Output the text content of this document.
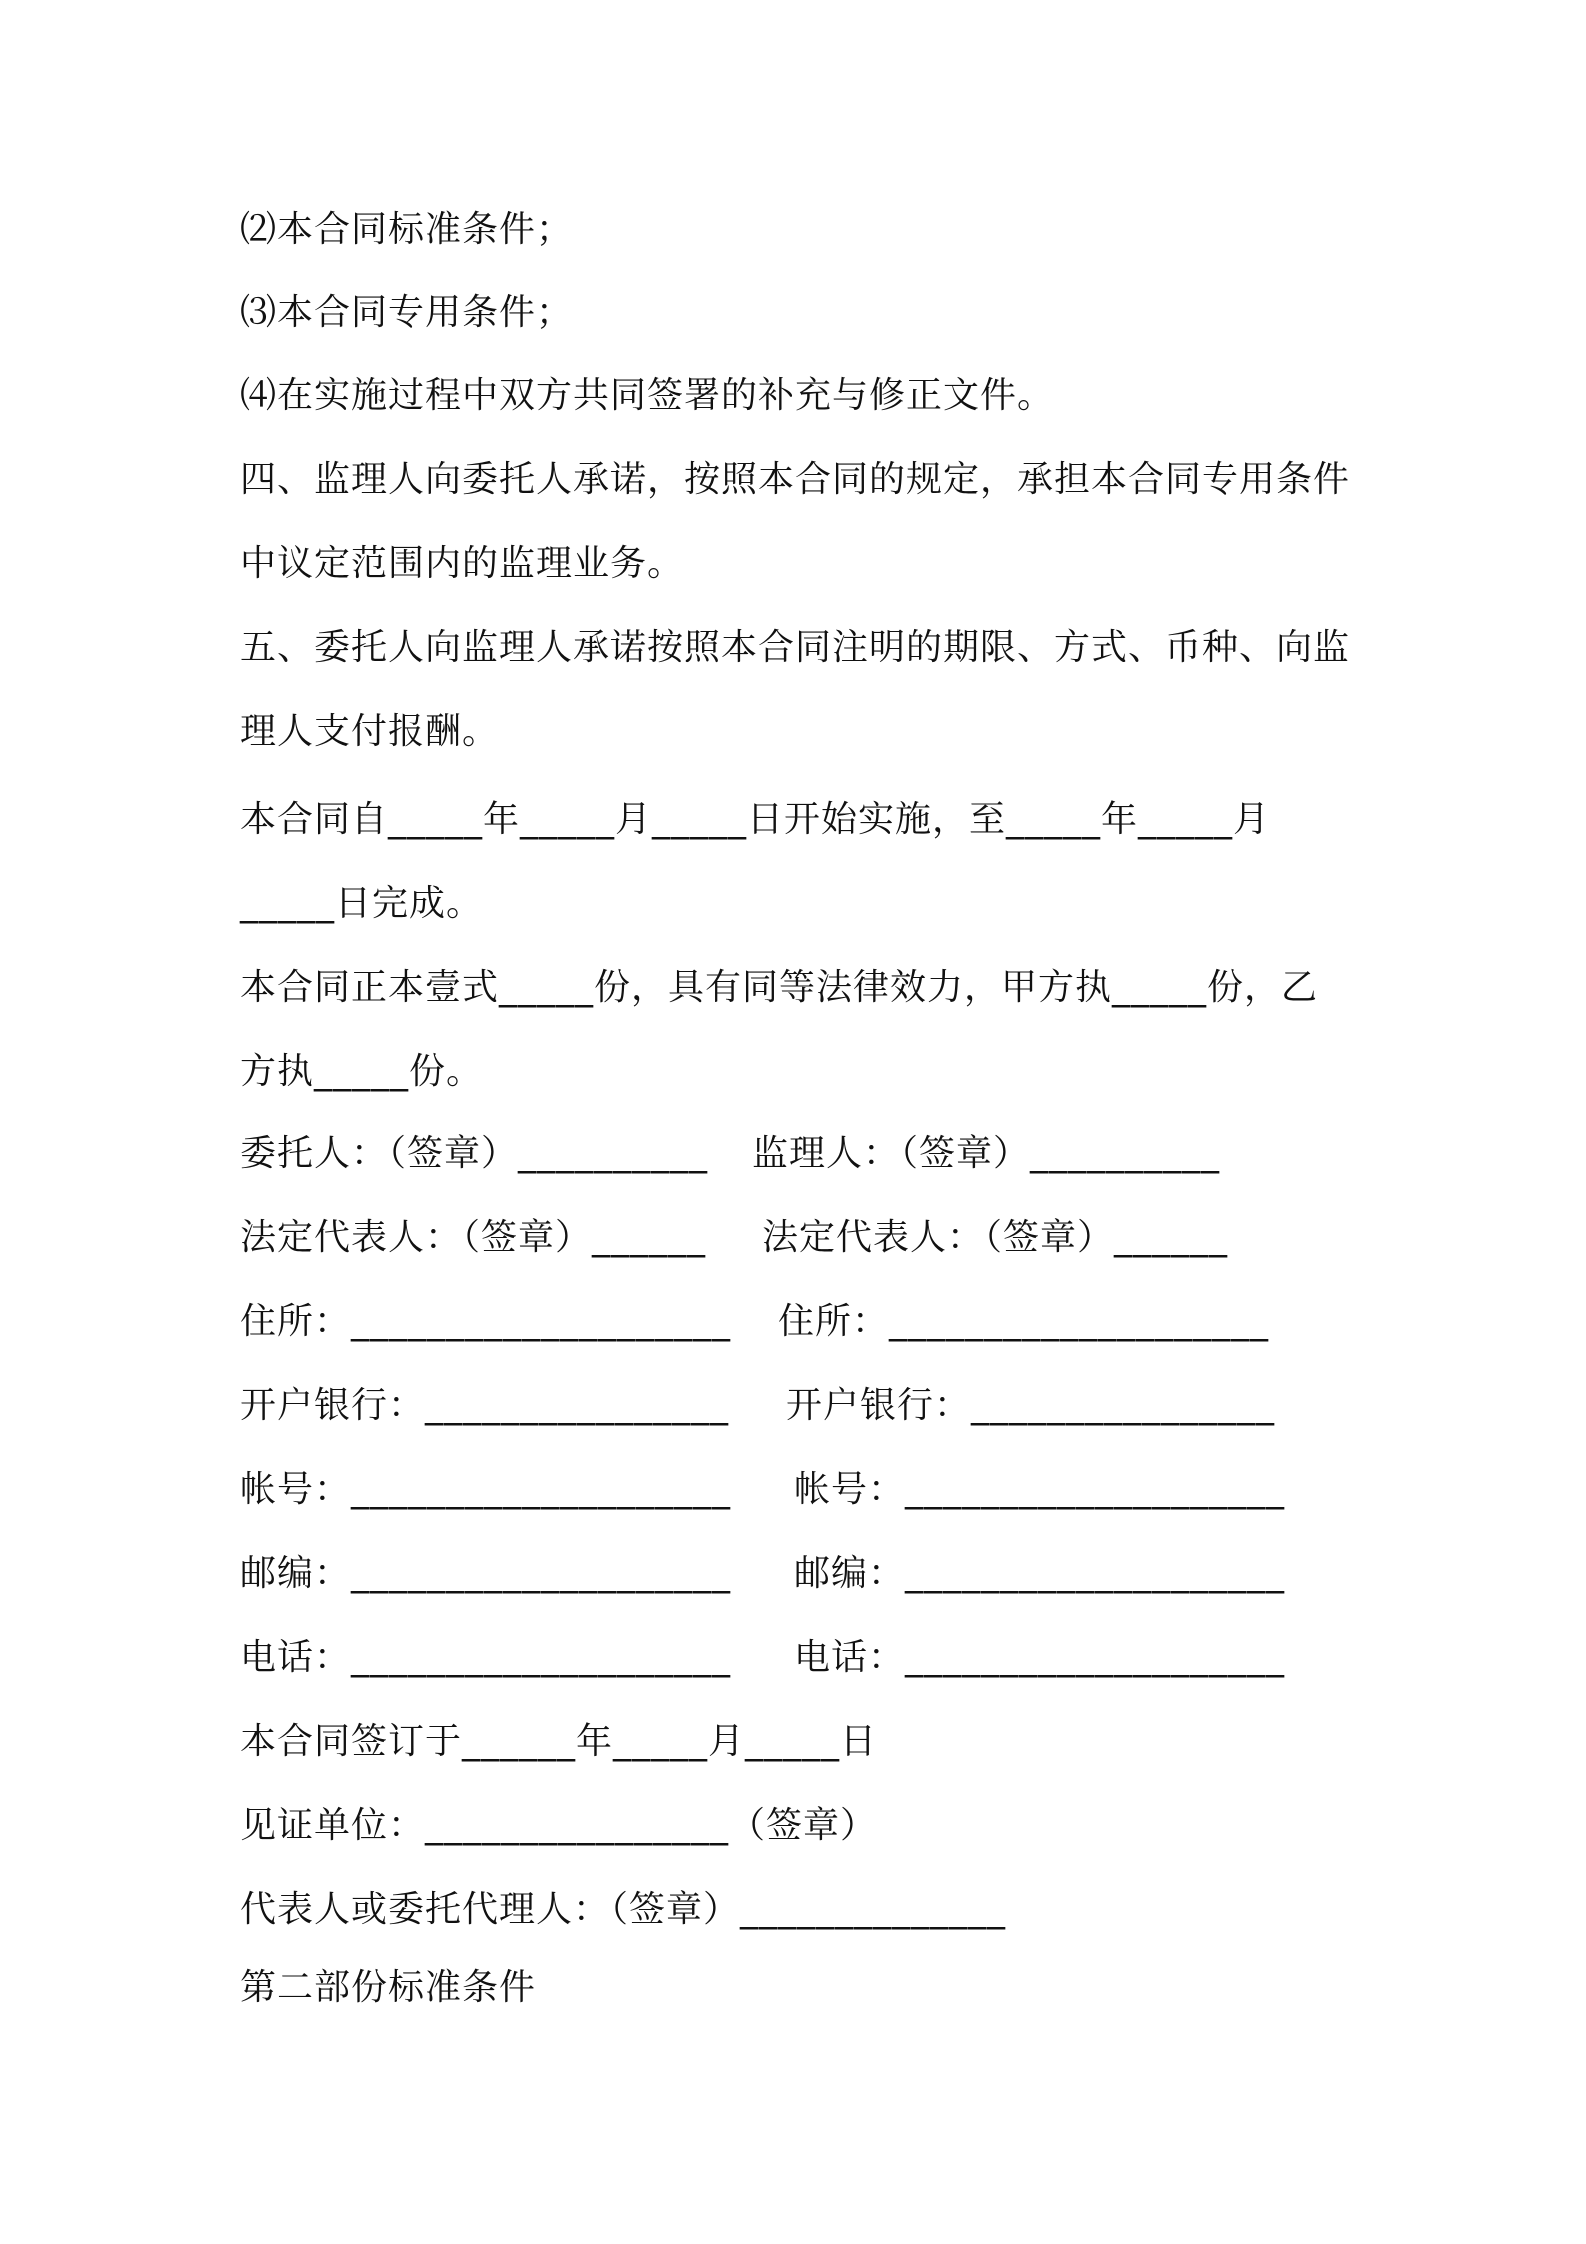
⑵本合同标准条件；
⑶本合同专用条件；
⑷在实施过程中双方共同签署的补充与修正文件。
四、监理人向委托人承诺，按照本合同的规定，承担本合同专用条件
中议定范围内的监理业务。
五、委托人向监理人承诺按照本合同注明的期限、方式、币种、向监
理人支付报酬。
本合同自_____年_____月_____日开始实施，至_____年_____月
_____日完成。
本合同正本壹式_____份，具有同等法律效力，甲方执_____份，乙
方执_____份。
委托人：（签章）__________ 监理人：（签章）__________
法定代表人：（签章）______ 法定代表人：（签章）______
住所：____________________ 住所：____________________
开户银行：________________ 开户银行：________________
帐号：____________________ 帐号：____________________
邮编：____________________ 邮编：____________________
电话：____________________ 电话：____________________
本合同签订于______年_____月_____日
见证单位：________________（签章）
代表人或委托代理人：（签章）______________
第二部份标准条件
